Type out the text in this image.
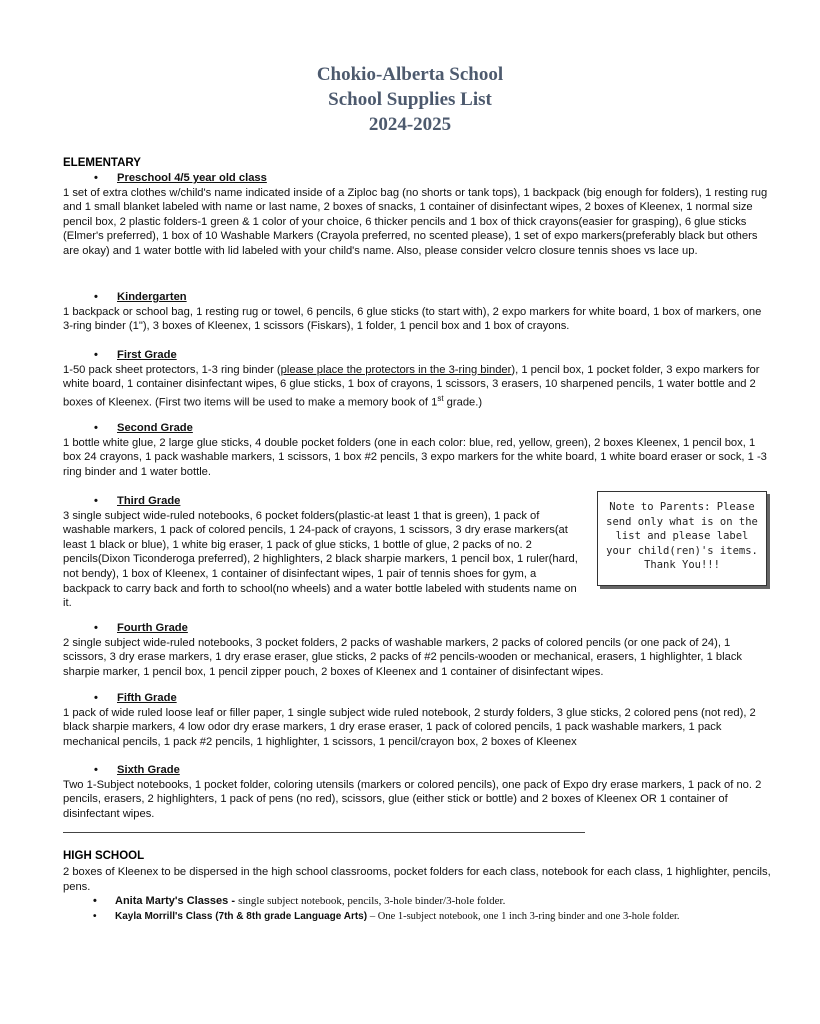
Chokio-Alberta School
School Supplies List
2024-2025
ELEMENTARY
• Preschool 4/5 year old class
1 set of extra clothes w/child's name indicated inside of a Ziploc bag (no shorts or tank tops), 1 backpack (big enough for folders), 1 resting rug and 1 small blanket labeled with name or last name, 2 boxes of snacks, 1 container of disinfectant wipes, 2 boxes of Kleenex, 1 normal size pencil box, 2 plastic folders-1 green & 1 color of your choice, 6 thicker pencils and 1 box of thick crayons(easier for grasping), 6 glue sticks (Elmer's preferred), 1 box of 10 Washable Markers (Crayola preferred, no scented please), 1 set of expo markers(preferably black but others are okay) and 1 water bottle with lid labeled with your child's name. Also, please consider velcro closure tennis shoes vs lace up.
• Kindergarten
1 backpack or school bag, 1 resting rug or towel, 6 pencils, 6 glue sticks (to start with), 2 expo markers for white board, 1 box of markers, one 3-ring binder (1"), 3 boxes of Kleenex, 1 scissors (Fiskars), 1 folder, 1 pencil box and 1 box of crayons.
• First Grade
1-50 pack sheet protectors, 1-3 ring binder (please place the protectors in the 3-ring binder), 1 pencil box, 1 pocket folder, 3 expo markers for white board, 1 container disinfectant wipes, 6 glue sticks, 1 box of crayons, 1 scissors, 3 erasers, 10 sharpened pencils, 1 water bottle and 2 boxes of Kleenex. (First two items will be used to make a memory book of 1st grade.)
• Second Grade
1 bottle white glue, 2 large glue sticks, 4 double pocket folders (one in each color: blue, red, yellow, green), 2 boxes Kleenex, 1 pencil box, 1 box 24 crayons, 1 pack washable markers, 1 scissors, 1 box #2 pencils, 3 expo markers for the white board, 1 white board eraser or sock, 1 -3 ring binder and 1 water bottle.
• Third Grade
3 single subject wide-ruled notebooks, 6 pocket folders(plastic-at least 1 that is green), 1 pack of washable markers, 1 pack of colored pencils, 1 24-pack of crayons, 1 scissors, 3 dry erase markers(at least 1 black or blue), 1 white big eraser, 1 pack of glue sticks, 1 bottle of glue, 2 packs of no. 2 pencils(Dixon Ticonderoga preferred), 2 highlighters, 2 black sharpie markers, 1 pencil box, 1 ruler(hard, not bendy), 1 box of Kleenex, 1 container of disinfectant wipes, 1 pair of tennis shoes for gym, a backpack to carry back and forth to school(no wheels) and a water bottle labeled with students name on it.
Note to Parents: Please send only what is on the list and please label your child(ren)'s items. Thank You!!!
• Fourth Grade
2 single subject wide-ruled notebooks, 3 pocket folders, 2 packs of washable markers, 2 packs of colored pencils (or one pack of 24), 1 scissors, 3 dry erase markers, 1 dry erase eraser, glue sticks, 2 packs of #2 pencils-wooden or mechanical, erasers, 1 highlighter, 1 black sharpie marker, 1 pencil box, 1 pencil zipper pouch, 2 boxes of Kleenex and 1 container of disinfectant wipes.
• Fifth Grade
1 pack of wide ruled loose leaf or filler paper, 1 single subject wide ruled notebook, 2 sturdy folders, 3 glue sticks, 2 colored pens (not red), 2 black sharpie markers, 4 low odor dry erase markers, 1 dry erase eraser, 1 pack of colored pencils, 1 pack washable markers, 1 pack mechanical pencils, 1 pack #2 pencils, 1 highlighter, 1 scissors, 1 pencil/crayon box, 2 boxes of Kleenex
• Sixth Grade
Two 1-Subject notebooks, 1 pocket folder, coloring utensils (markers or colored pencils), one pack of Expo dry erase markers, 1 pack of no. 2 pencils, erasers, 2 highlighters, 1 pack of pens (no red), scissors, glue (either stick or bottle) and 2 boxes of Kleenex OR 1 container of disinfectant wipes.
HIGH SCHOOL
2 boxes of Kleenex to be dispersed in the high school classrooms, pocket folders for each class, notebook for each class, 1 highlighter, pencils, pens.
• Anita Marty's Classes - single subject notebook, pencils, 3-hole binder/3-hole folder.
• Kayla Morrill's Class (7th & 8th grade Language Arts) – One 1-subject notebook, one 1 inch 3-ring binder and one 3-hole folder.
